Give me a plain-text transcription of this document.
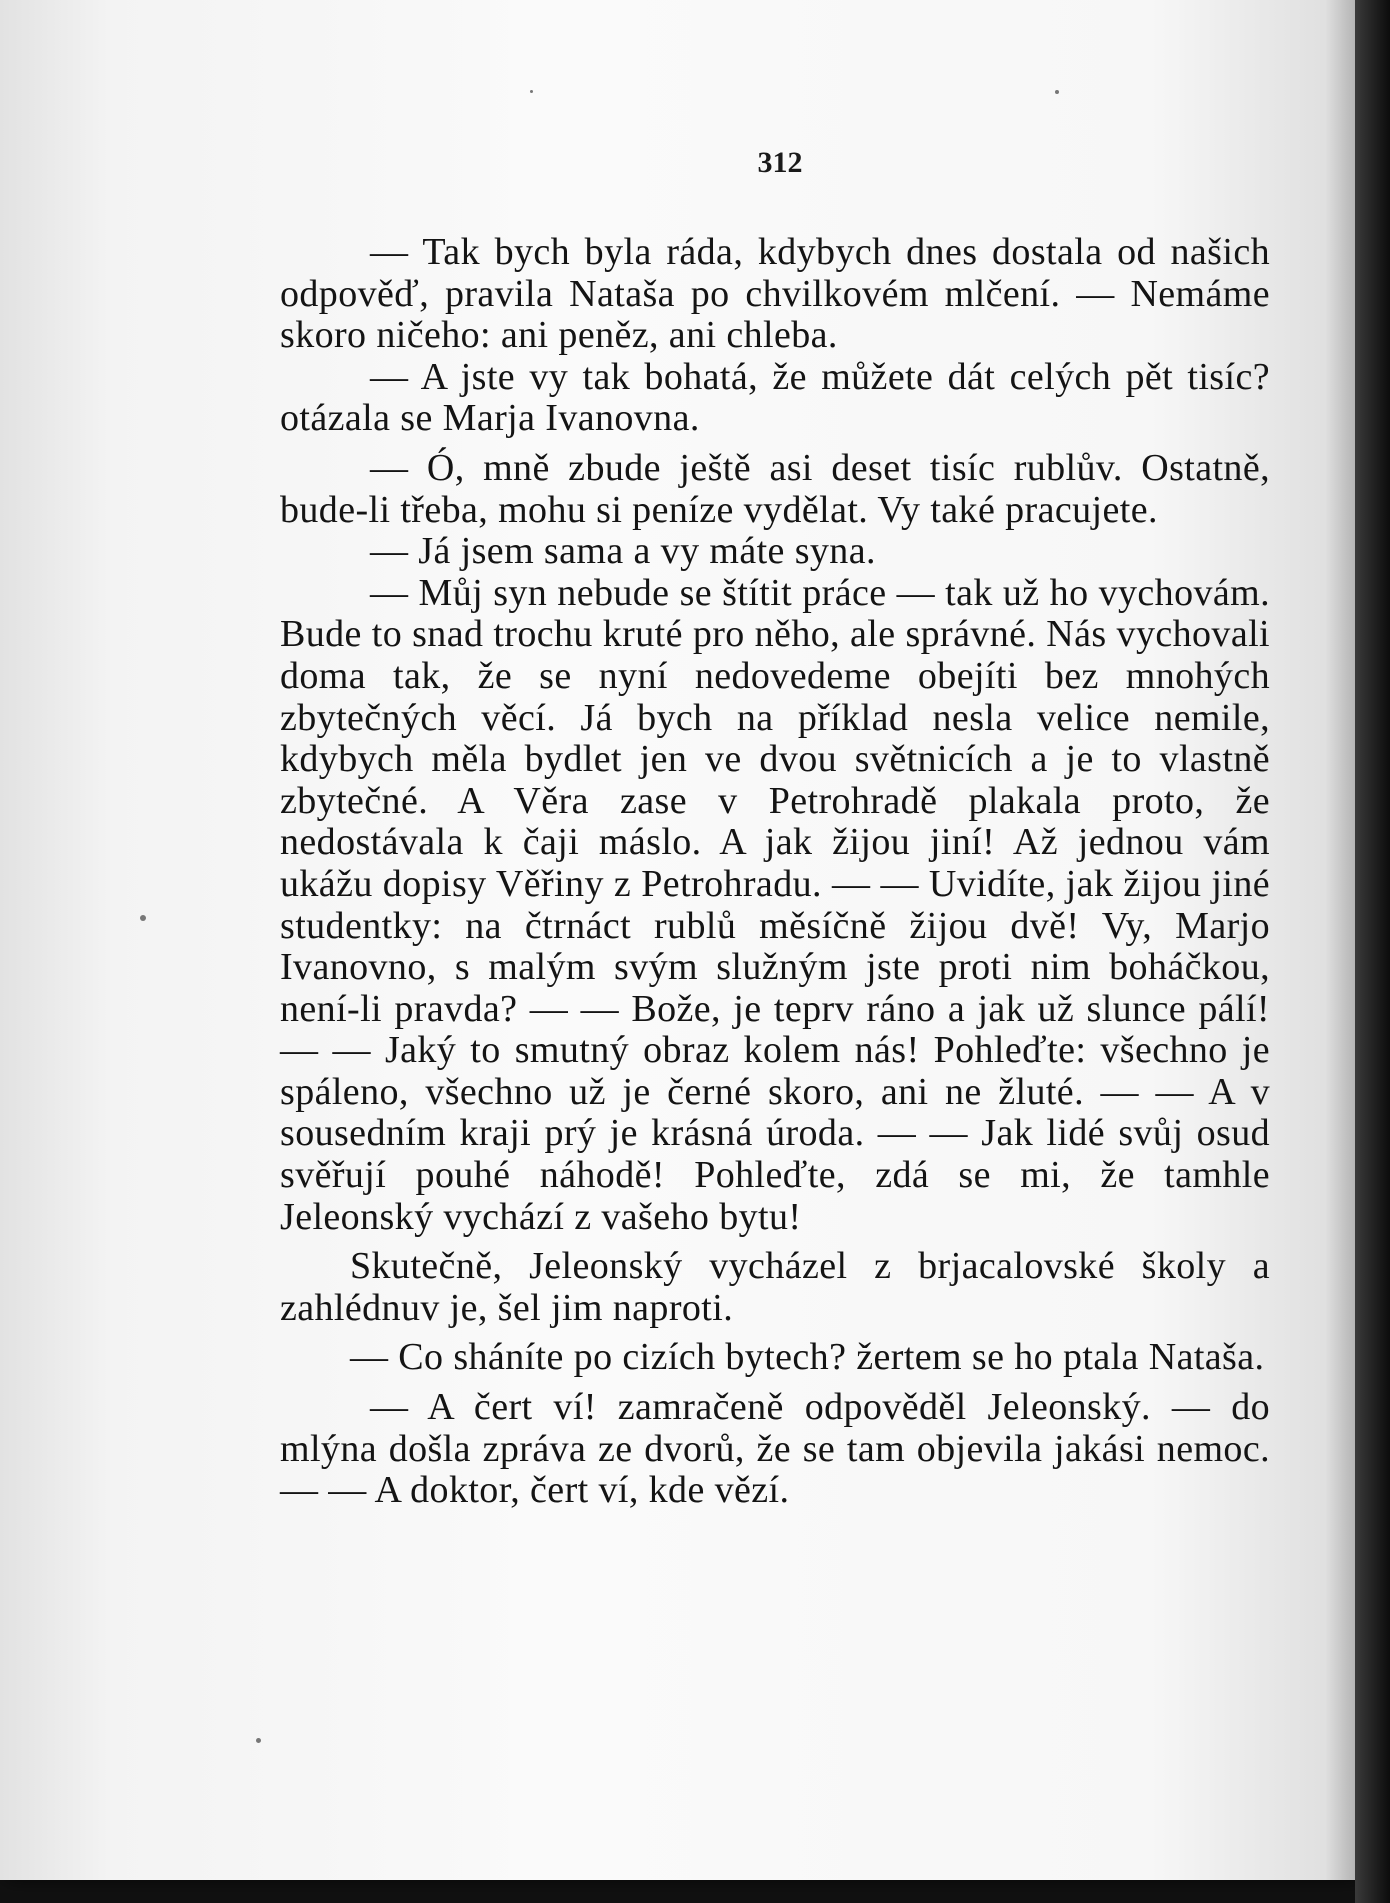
312

— Tak bych byla ráda, kdybych dnes dostala od našich odpověď, pravila Nataša po chvilkovém mlčení. — Nemáme skoro ničeho: ani peněz, ani chleba.

— A jste vy tak bohatá, že můžete dát celých pět tisíc? otázala se Marja Ivanovna.

— Ó, mně zbude ještě asi deset tisíc rublův. Ostatně, bude-li třeba, mohu si peníze vydělat. Vy také pracujete.

— Já jsem sama a vy máte syna.

— Můj syn nebude se štítit práce — tak už ho vychovám. Bude to snad trochu kruté pro něho, ale správné. Nás vychovali doma tak, že se nyní nedovedeme obejíti bez mnohých zbytečných věcí. Já bych na příklad nesla velice nemile, kdybych měla bydlet jen ve dvou světnicích a je to vlastně zbytečné. A Věra zase v Petrohradě plakala proto, že nedostávala k čaji máslo. A jak žijou jiní! Až jednou vám ukážu dopisy Věřiny z Petrohradu. — — Uvidíte, jak žijou jiné studentky: na čtrnáct rublů měsíčně žijou dvě! Vy, Marjo Ivanovno, s malým svým služným jste proti nim boháčkou, není-li pravda? — — Bože, je teprv ráno a jak už slunce pálí! — — Jaký to smutný obraz kolem nás! Pohleďte: všechno je spáleno, všechno už je černé skoro, ani ne žluté. — — A v sousedním kraji prý je krásná úroda. — — Jak lidé svůj osud svěřují pouhé náhodě! Pohleďte, zdá se mi, že tamhle Jeleonský vychází z vašeho bytu!

Skutečně, Jeleonský vycházel z brjacalovské školy a zahlédnuv je, šel jim naproti.

— Co sháníte po cizích bytech? žertem se ho ptala Nataša.

— A čert ví! zamračeně odpověděl Jeleonský. — do mlýna došla zpráva ze dvorů, že se tam objevila jakási nemoc. — — A doktor, čert ví, kde vězí.
